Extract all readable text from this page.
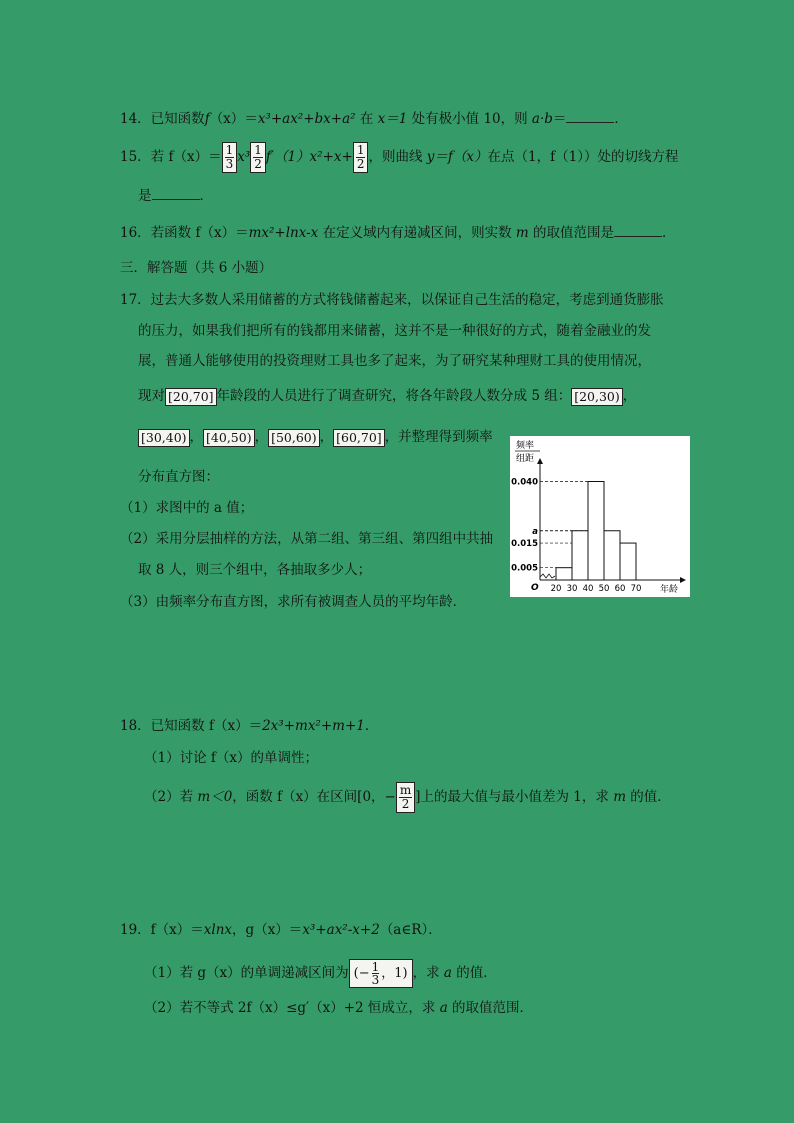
14．已知函数f（x）＝x³+ax²+bx+a² 在 x＝1 处有极小值 10，则 a·b＝	．
15．若 $f(x)= \frac{1}{3} x^3 \frac{1}{2} f'(1)x^2+x+ \frac{1}{2}$ ，则曲线 y＝f（x）在点（1，f（1））处的切线方程
是	．
16．若函数 f（x）＝mx²+lnx-x 在定义域内有递减区间，则实数 m 的取值范围是	．
三．解答题（共 6 小题）
17．过去大多数人采用储蓄的方式将钱储蓄起来，以保证自己生活的稳定，考虑到通货膨胀
的压力，如果我们把所有的钱都用来储蓄，这并不是一种很好的方式，随着金融业的发
展，普通人能够使用的投资理财工具也多了起来，为了研究某种理财工具的使用情况，
现对 [20,70] 年龄段的人员进行了调查研究，将各年龄段人数分成 5 组： [20,30) ，
[30,40) ， [40,50) ， [50,60) ， [60,70] ，并整理得到频率
分布直方图：
（1）求图中的 a 值；
（2）采用分层抽样的方法，从第二组、第三组、第四组中共抽
取 8 人，则三个组中，各抽取多少人；
（3）由频率分布直方图，求所有被调查人员的平均年龄．
频率
组距
0.040
a
0.015
0.005
20 30 40 50 60 70
O	年龄
18．已知函数 f（x）＝2x³+mx²+m+1．
（1）讨论 f（x）的单调性；
（2）若 m＜0，函数 f（x）在区间[0，− $\frac{m}{2}$ ]上的最大值与最小值差为 1，求 m 的值．
19．f（x）＝xlnx，g（x）＝x³+ax²-x+2（a∈R）．
（1）若 g（x）的单调递减区间为 (− $\frac{1}{3}$ ，1) ，求 a 的值．
（2）若不等式 2f（x）≤g′（x）+2 恒成立，求 a 的取值范围．
